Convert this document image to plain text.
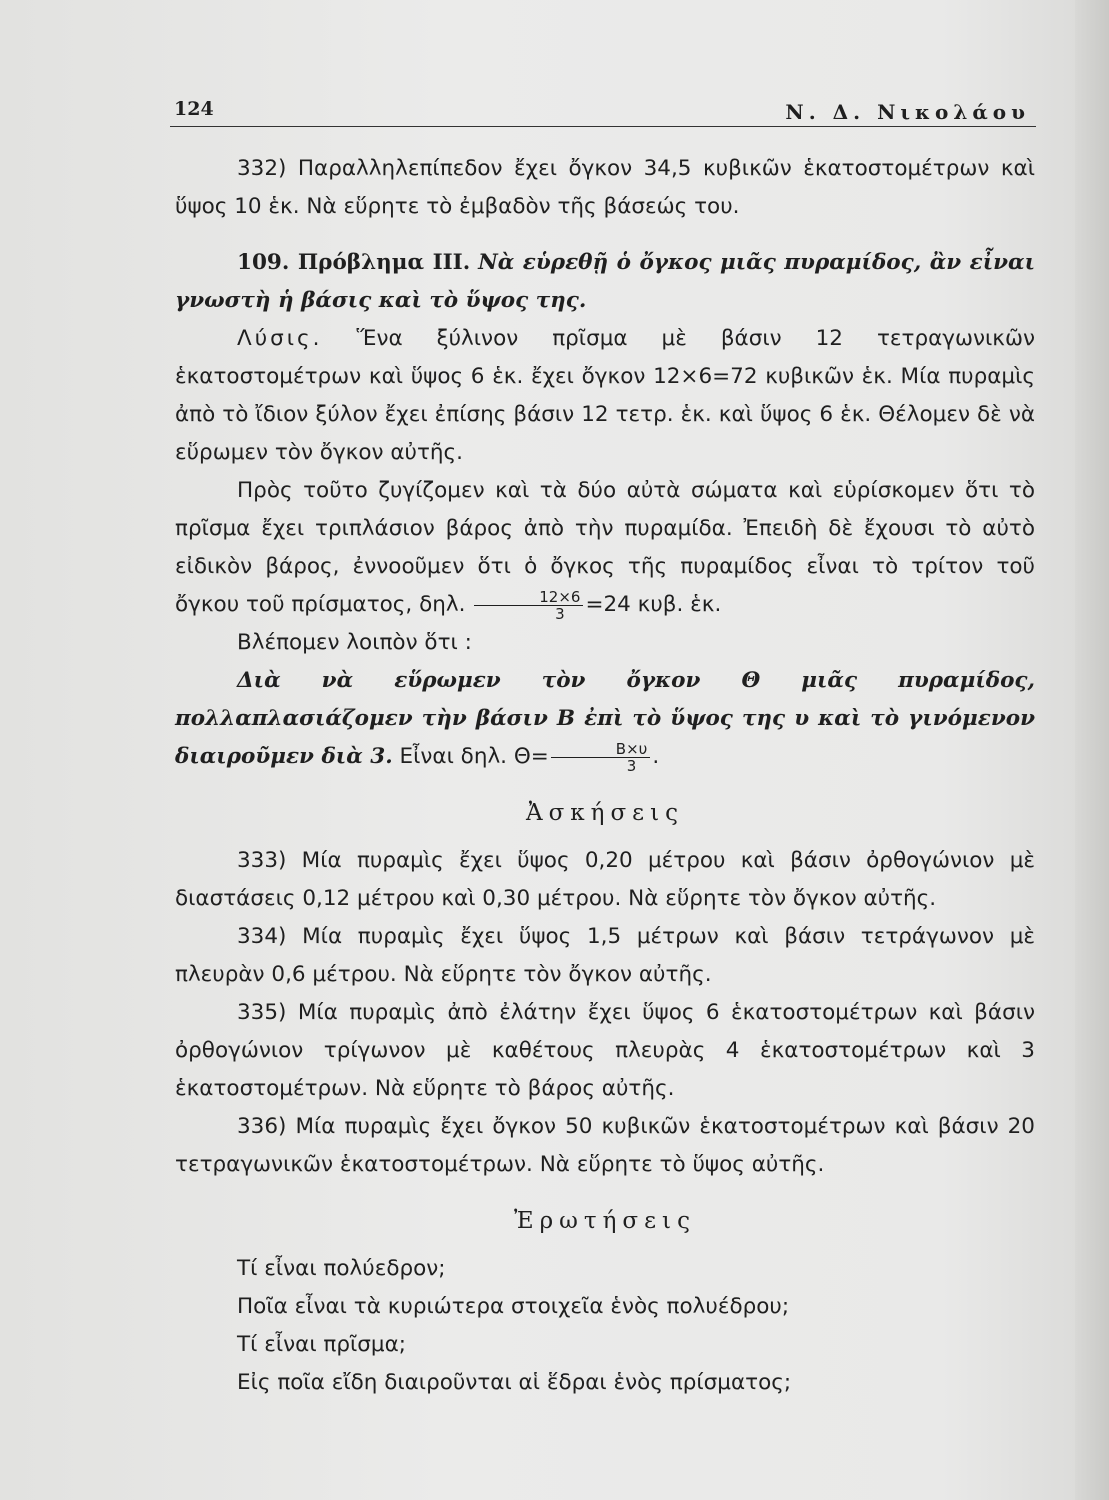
124	Ν. Δ. Νικολάου

332) Παραλληλεπίπεδον ἔχει ὄγκον 34,5 κυβικῶν ἑκατοστομέτρων καὶ ὕψος 10 ἑκ. Νὰ εὕρητε τὸ ἐμβαδὸν τῆς βάσεώς του.

109. Πρόβλημα ΙΙΙ. Νὰ εὑρεθῇ ὁ ὄγκος μιᾶς πυραμίδος, ἂν εἶναι γνωστὴ ἡ βάσις καὶ τὸ ὕψος της.

Λύσις. Ἕνα ξύλινον πρῖσμα μὲ βάσιν 12 τετραγωνικῶν ἑκατοστομέτρων καὶ ὕψος 6 ἑκ. ἔχει ὄγκον 12×6=72 κυβικῶν ἑκ. Μία πυραμὶς ἀπὸ τὸ ἴδιον ξύλον ἔχει ἐπίσης βάσιν 12 τετρ. ἑκ. καὶ ὕψος 6 ἑκ. Θέλομεν δὲ νὰ εὕρωμεν τὸν ὄγκον αὐτῆς.

Πρὸς τοῦτο ζυγίζομεν καὶ τὰ δύο αὐτὰ σώματα καὶ εὑρίσκομεν ὅτι τὸ πρῖσμα ἔχει τριπλάσιον βάρος ἀπὸ τὴν πυραμίδα. Ἐπειδὴ δὲ ἔχουσι τὸ αὐτὸ εἰδικὸν βάρος, ἐννοοῦμεν ὅτι ὁ ὄγκος τῆς πυραμίδος εἶναι τὸ τρίτον τοῦ ὄγκου τοῦ πρίσματος, δηλ. $\frac{12\times 6}{3} =24$ κυβ. ἑκ.

Βλέπομεν λοιπὸν ὅτι :

Διὰ νὰ εὕρωμεν τὸν ὄγκον Θ μιᾶς πυραμίδος, πολλαπλασιάζομεν τὴν βάσιν Β ἐπὶ τὸ ὕψος της υ καὶ τὸ γινόμενον διαιροῦμεν διὰ 3. Εἶναι δηλ. $\Theta= \frac{B\times\upsilon}{3}$ .

Ἀσκήσεις

333) Μία πυραμὶς ἔχει ὕψος 0,20 μέτρου καὶ βάσιν ὀρθογώνιον μὲ διαστάσεις 0,12 μέτρου καὶ 0,30 μέτρου. Νὰ εὕρητε τὸν ὄγκον αὐτῆς.

334) Μία πυραμὶς ἔχει ὕψος 1,5 μέτρων καὶ βάσιν τετράγωνον μὲ πλευρὰν 0,6 μέτρου. Νὰ εὕρητε τὸν ὄγκον αὐτῆς.

335) Μία πυραμὶς ἀπὸ ἐλάτην ἔχει ὕψος 6 ἑκατοστομέτρων καὶ βάσιν ὀρθογώνιον τρίγωνον μὲ καθέτους πλευρὰς 4 ἑκατοστομέτρων καὶ 3 ἑκατοστομέτρων. Νὰ εὕρητε τὸ βάρος αὐτῆς.

336) Μία πυραμὶς ἔχει ὄγκον 50 κυβικῶν ἑκατοστομέτρων καὶ βάσιν 20 τετραγωνικῶν ἑκατοστομέτρων. Νὰ εὕρητε τὸ ὕψος αὐτῆς.

Ἐρωτήσεις

Τί εἶναι πολύεδρον;

Ποῖα εἶναι τὰ κυριώτερα στοιχεῖα ἑνὸς πολυέδρου;

Τί εἶναι πρῖσμα;

Εἰς ποῖα εἴδη διαιροῦνται αἱ ἕδραι ἑνὸς πρίσματος;
